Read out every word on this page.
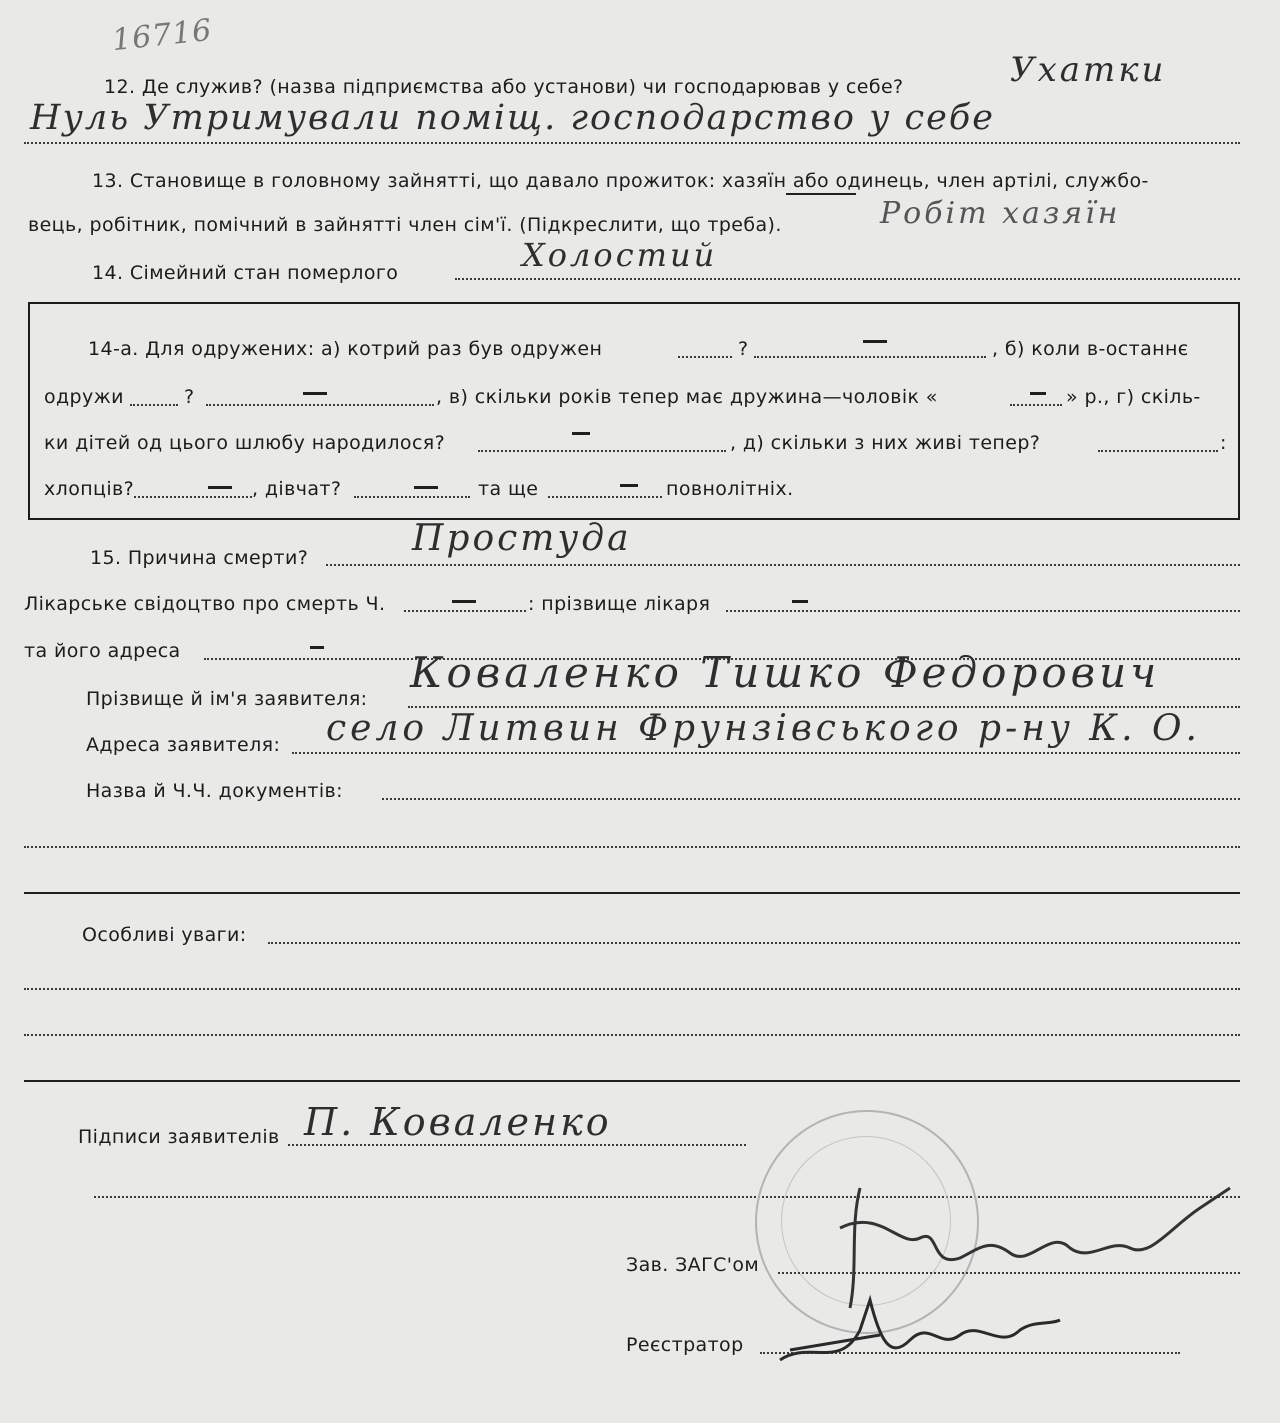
16716
12. Де служив? (назва підприємства або установи) чи господарював у себе?	Ухатки
Нуль Утримували поміщ. господарство у себе
13. Становище в головному зайнятті, що давало прожиток: хазяїн або одинець, член артілі, службо-
вець, робітник, помічний в зайнятті член сім'ї. (Підкреслити, що треба).	Робіт хазяїн
14. Сімейний стан померлого	Холостий
14-а. Для одружених: а) котрий раз був одружен	?	, б) коли в-останнє
одружи	?	, в) скільки років тепер має дружина—чоловік «	» р., г) скіль-
ки дітей од цього шлюбу народилося?	, д) скільки з них живі тепер?	:
хлопців?	, дівчат?	та ще	повнолітніх.
15. Причина смерти?	Простуда
Лікарське свідоцтво про смерть Ч.	: прізвище лікаря
та його адреса
Прізвище й ім'я заявителя:
Коваленко Тишко Федорович
Адреса заявителя: село Литвин Фрунзівського р-ну К. О.
Назва й Ч.Ч. документів:
Особливі уваги:
Підписи заявителів П. Коваленко
Зав. ЗАГС'ом
Реєстратор
